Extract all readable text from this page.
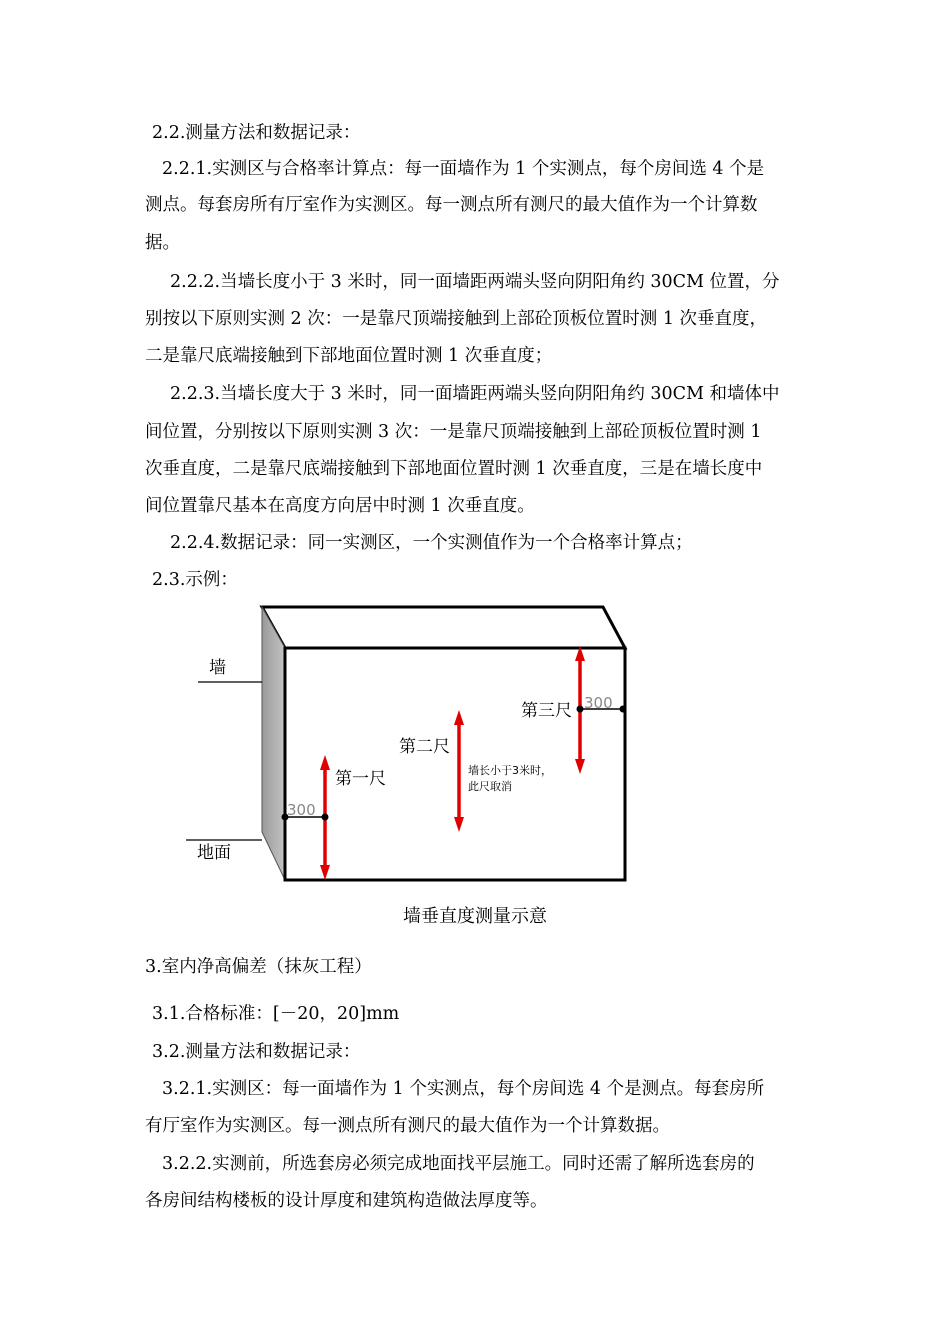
2.2.测量方法和数据记录：
2.2.1.实测区与合格率计算点：每一面墙作为 1 个实测点，每个房间选 4 个是
测点。每套房所有厅室作为实测区。每一测点所有测尺的最大值作为一个计算数
据。
2.2.2.当墙长度小于 3 米时，同一面墙距两端头竖向阴阳角约 30CM 位置，分
别按以下原则实测 2 次：一是靠尺顶端接触到上部砼顶板位置时测 1 次垂直度，
二是靠尺底端接触到下部地面位置时测 1 次垂直度；
2.2.3.当墙长度大于 3 米时，同一面墙距两端头竖向阴阳角约 30CM 和墙体中
间位置，分别按以下原则实测 3 次：一是靠尺顶端接触到上部砼顶板位置时测 1
次垂直度，二是靠尺底端接触到下部地面位置时测 1 次垂直度，三是在墙长度中
间位置靠尺基本在高度方向居中时测 1 次垂直度。
2.2.4.数据记录：同一实测区，一个实测值作为一个合格率计算点；
2.3.示例：
墙
地面
300
第一尺
第二尺
墙长小于3米时，
此尺取消
300
第三尺
墙垂直度测量示意
3.室内净高偏差（抹灰工程）
3.1.合格标准：[－20，20]mm
3.2.测量方法和数据记录：
3.2.1.实测区：每一面墙作为 1 个实测点，每个房间选 4 个是测点。每套房所
有厅室作为实测区。每一测点所有测尺的最大值作为一个计算数据。
3.2.2.实测前，所选套房必须完成地面找平层施工。同时还需了解所选套房的
各房间结构楼板的设计厚度和建筑构造做法厚度等。
